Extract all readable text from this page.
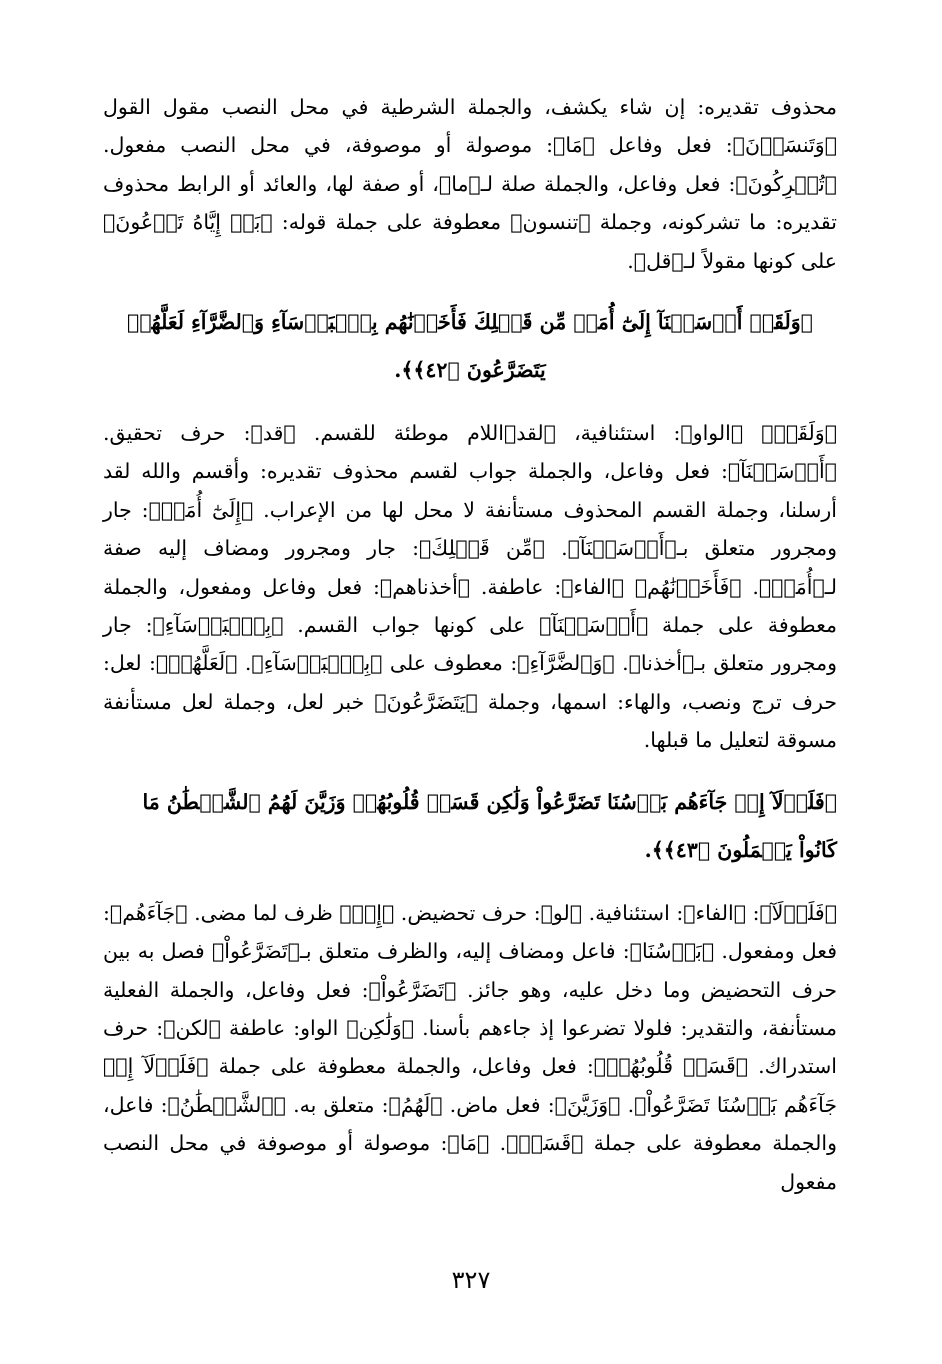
محذوف تقديره: إن شاء يكشف، والجملة الشرطية في محل النصب مقول القول ﴿وَتَنسَوۡنَ﴾: فعل وفاعل ﴿مَا﴾: موصولة أو موصوفة، في محل النصب مفعول. ﴿تُشۡرِكُونَ﴾: فعل وفاعل، والجملة صلة لـ﴿ما﴾، أو صفة لها، والعائد أو الرابط محذوف تقديره: ما تشركونه، وجملة ﴿تنسون﴾ معطوفة على جملة قوله: ﴿بَلۡ إِيَّاهُ تَدۡعُونَ﴾ على كونها مقولاً لـ﴿قل﴾.

﴿وَلَقَدۡ أَرۡسَلۡنَآ إِلَىٰٓ أُمَمٖ مِّن قَبۡلِكَ فَأَخَذۡنَٰهُم بِٱلۡبَأۡسَآءِ وَٱلضَّرَّآءِ لَعَلَّهُمۡ يَتَضَرَّعُونَ ﴿٤٢﴾﴾.

﴿وَلَقَدۡ﴾ ﴿الواو﴾: استئنافية، ﴿لقد﴾اللام موطئة للقسم. ﴿قد﴾: حرف تحقيق. ﴿أَرۡسَلۡنَآ﴾: فعل وفاعل، والجملة جواب لقسم محذوف تقديره: وأقسم والله لقد أرسلنا، وجملة القسم المحذوف مستأنفة لا محل لها من الإعراب. ﴿إِلَىٰٓ أُمَمٖ﴾: جار ومجرور متعلق بـ﴿أَرۡسَلۡنَآ﴾. ﴿مِّن قَبۡلِكَ﴾: جار ومجرور ومضاف إليه صفة لـ﴿أُمَمٖ﴾. ﴿فَأَخَذۡنَٰهُم﴾ ﴿الفاء﴾: عاطفة. ﴿أخذناهم﴾: فعل وفاعل ومفعول، والجملة معطوفة على جملة ﴿أَرۡسَلۡنَآ﴾ على كونها جواب القسم. ﴿بِٱلۡبَأۡسَآءِ﴾: جار ومجرور متعلق بـ﴿أخذنا﴾. ﴿وَٱلضَّرَّآءِ﴾: معطوف على ﴿بِٱلۡبَأۡسَآءِ﴾. ﴿لَعَلَّهُمۡ﴾: لعل: حرف ترج ونصب، والهاء: اسمها، وجملة ﴿يَتَضَرَّعُونَ﴾ خبر لعل، وجملة لعل مستأنفة مسوقة لتعليل ما قبلها.

﴿فَلَوۡلَآ إِذۡ جَآءَهُم بَأۡسُنَا تَضَرَّعُواْ وَلَٰكِن قَسَتۡ قُلُوبُهُمۡ وَزَيَّنَ لَهُمُ ٱلشَّيۡطَٰنُ مَا كَانُواْ يَعۡمَلُونَ ﴿٤٣﴾﴾.

﴿فَلَوۡلَآ﴾: ﴿الفاء﴾: استئنافية. ﴿لو﴾: حرف تحضيض. ﴿إِذۡ﴾ ظرف لما مضى. ﴿جَآءَهُم﴾: فعل ومفعول. ﴿بَأۡسُنَا﴾: فاعل ومضاف إليه، والظرف متعلق بـ﴿تَضَرَّعُواْ﴾ فصل به بين حرف التحضيض وما دخل عليه، وهو جائز. ﴿تَضَرَّعُواْ﴾: فعل وفاعل، والجملة الفعلية مستأنفة، والتقدير: فلولا تضرعوا إذ جاءهم بأسنا. ﴿وَلَٰكِن﴾ الواو: عاطفة ﴿لكن﴾: حرف استدراك. ﴿قَسَتۡ قُلُوبُهُمۡ﴾: فعل وفاعل، والجملة معطوفة على جملة ﴿فَلَوۡلَآ إِذۡ جَآءَهُم بَأۡسُنَا تَضَرَّعُواْ﴾. ﴿وَزَيَّنَ﴾: فعل ماض. ﴿لَهُمُ﴾: متعلق به. ﴿ٱلشَّيۡطَٰنُ﴾: فاعل، والجملة معطوفة على جملة ﴿قَسَتۡ﴾. ﴿مَا﴾: موصولة أو موصوفة في محل النصب مفعول

٣٢٧
